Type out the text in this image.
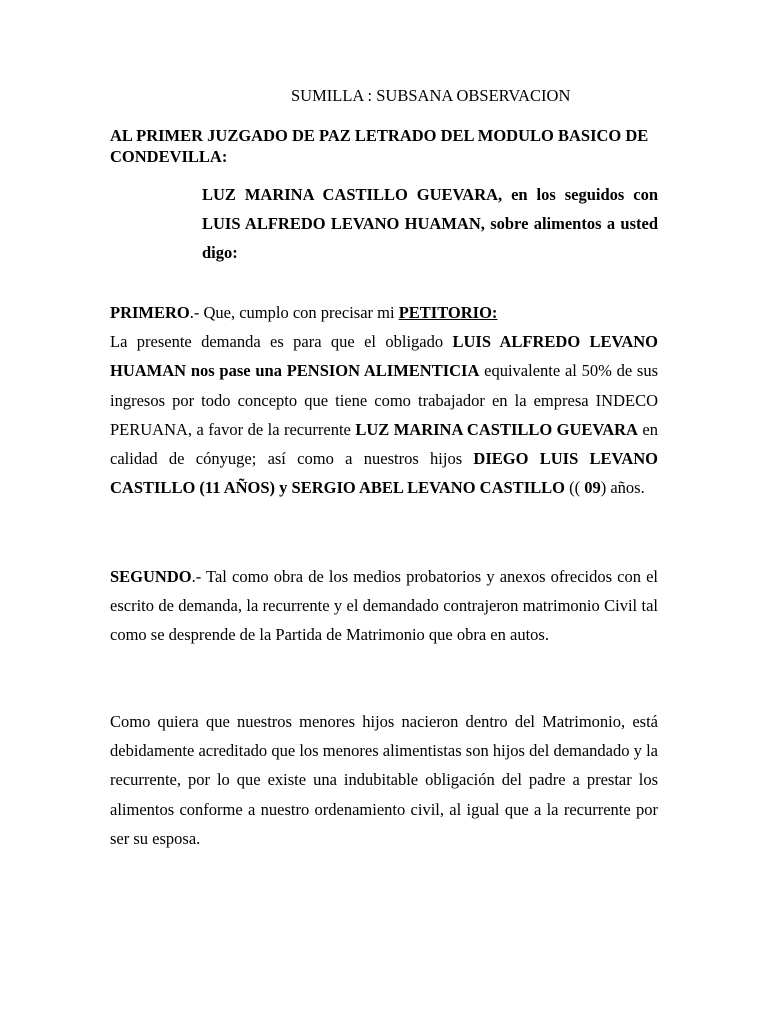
SUMILLA : SUBSANA OBSERVACION
AL PRIMER JUZGADO DE PAZ LETRADO DEL MODULO BASICO DE CONDEVILLA:
LUZ MARINA CASTILLO GUEVARA, en los seguidos con LUIS ALFREDO LEVANO HUAMAN, sobre alimentos a usted digo:
PRIMERO.- Que, cumplo con precisar mi PETITORIO:
La presente demanda es para que el obligado LUIS ALFREDO LEVANO HUAMAN nos pase una PENSION ALIMENTICIA equivalente al 50% de sus ingresos por todo concepto que tiene como trabajador en la empresa INDECO PERUANA, a favor de la recurrente LUZ MARINA CASTILLO GUEVARA en calidad de cónyuge; así como a nuestros hijos DIEGO LUIS LEVANO CASTILLO (11 AÑOS) y SERGIO ABEL LEVANO CASTILLO (( 09) años.
SEGUNDO.- Tal como obra de los medios probatorios y anexos ofrecidos con el escrito de demanda, la recurrente y el demandado contrajeron matrimonio Civil tal como se desprende de la Partida de Matrimonio que obra en autos.
Como quiera que nuestros menores hijos nacieron dentro del Matrimonio, está debidamente acreditado que los menores alimentistas son hijos del demandado y la recurrente, por lo que existe una indubitable obligación del padre a prestar los alimentos conforme a nuestro ordenamiento civil, al igual que a la recurrente por ser su esposa.
